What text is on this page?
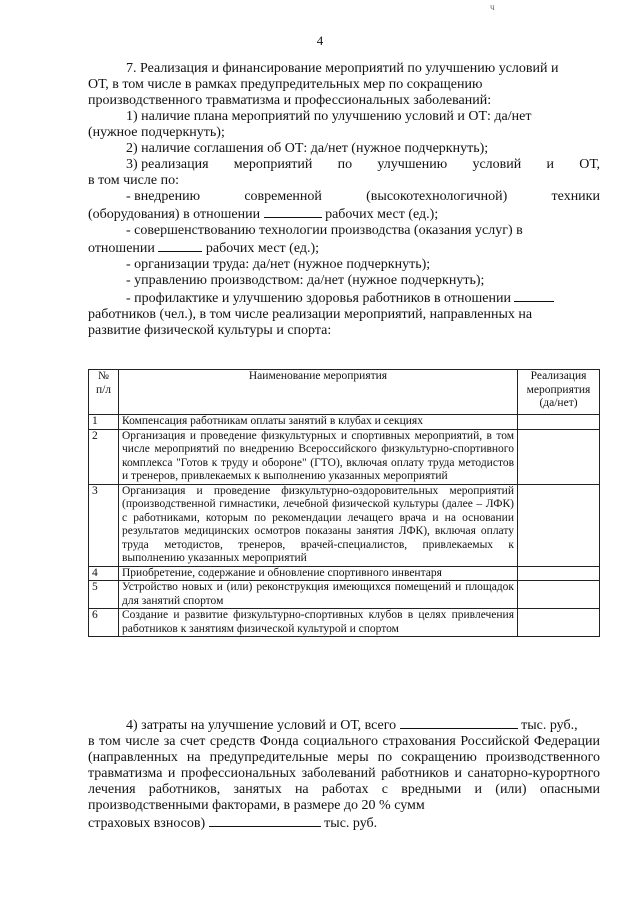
ч
4

7. Реализация и финансирование мероприятий по улучшению условий и

ОТ, в том числе в рамках предупредительных мер по сокращению

производственного травматизма и профессиональных заболеваний:

1) наличие плана мероприятий по улучшению условий и ОТ: да/нет

(нужное подчеркнуть);

2) наличие соглашения об ОТ: да/нет (нужное подчеркнуть);

3) реализация мероприятий по улучшению условий и ОТ,

в том числе по:

- внедрению	современной	(высокотехнологичной)	техники

(оборудования) в отношении	рабочих мест (ед.);

- совершенствованию технологии производства (оказания услуг) в

отношении	рабочих мест (ед.);

- организации труда: да/нет (нужное подчеркнуть);

- управлению производством: да/нет (нужное подчеркнуть);

- профилактике и улучшению здоровья работников в отношении

работников (чел.), в том числе реализации мероприятий, направленных на

развитие физической культуры и спорта:

№ п/л	Наименование мероприятия	Реализация мероприятия (да/нет)
1	Компенсация работникам оплаты занятий в клубах и секциях	
2	Организация и проведение физкультурных и спортивных мероприятий, в том числе мероприятий по внедрению Всероссийского физкультурно-спортивного комплекса "Готов к труду и обороне" (ГТО), включая оплату труда методистов и тренеров, привлекаемых к выполнению указанных мероприятий	
3	Организация и проведение физкультурно-оздоровительных мероприятий (производственной гимнастики, лечебной физической культуры (далее – ЛФК) с работниками, которым по рекомендации лечащего врача и на основании результатов медицинских осмотров показаны занятия ЛФК), включая оплату труда методистов, тренеров, врачей-специалистов, привлекаемых к выполнению указанных мероприятий	
4	Приобретение, содержание и обновление спортивного инвентаря	
5	Устройство новых и (или) реконструкция имеющихся помещений и площадок для занятий спортом	
6	Создание и развитие физкультурно-спортивных клубов в целях привлечения работников к занятиям физической культурой и спортом	

4) затраты на улучшение условий и ОТ, всего	тыс. руб.,

в том числе за счет средств Фонда социального страхования Российской Федерации (направленных на предупредительные меры по сокращению производственного травматизма и профессиональных заболеваний работников и санаторно-курортного лечения работников, занятых на работах с вредными и (или) опасными производственными факторами, в размере до 20 % сумм

страховых взносов)	тыс. руб.
